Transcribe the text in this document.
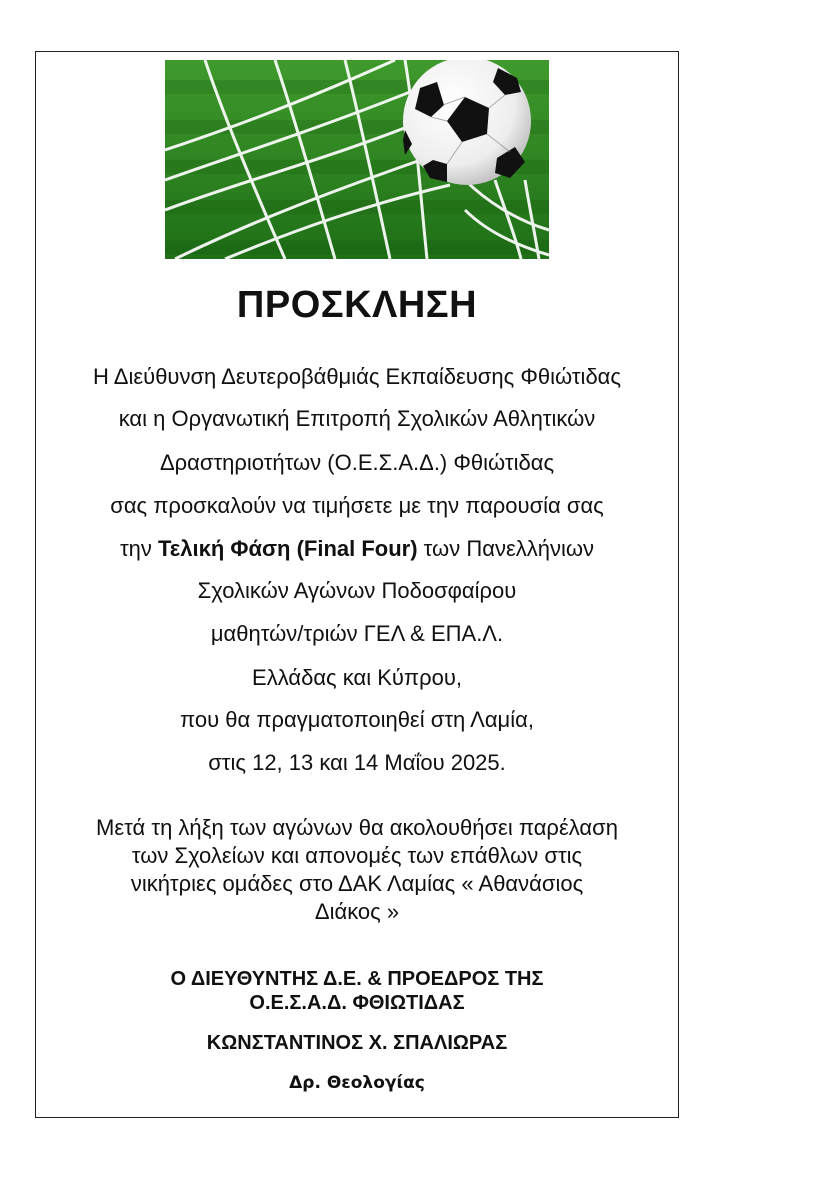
ΠΡΟΣΚΛΗΣΗ

Η Διεύθυνση Δευτεροβάθμιάς Εκπαίδευσης Φθιώτιδας

και η Οργανωτική Επιτροπή Σχολικών Αθλητικών

Δραστηριοτήτων (Ο.Ε.Σ.Α.Δ.) Φθιώτιδας

σας προσκαλούν να τιμήσετε με την παρουσία σας

την Τελική Φάση (Final Four) των Πανελλήνιων

Σχολικών Αγώνων Ποδοσφαίρου

μαθητών/τριών ΓΕΛ & ΕΠΑ.Λ.

Ελλάδας και Κύπρου,

που θα πραγματοποιηθεί στη Λαμία,

στις 12, 13 και 14 Μαΐου 2025.

Μετά τη λήξη των αγώνων θα ακολουθήσει παρέλαση

των Σχολείων και απονομές των επάθλων στις

νικήτριες ομάδες στο ΔΑΚ Λαμίας « Αθανάσιος

Διάκος »

Ο ΔΙΕΥΘΥΝΤΗΣ Δ.Ε. & ΠΡΟΕΔΡΟΣ ΤΗΣ

Ο.Ε.Σ.Α.Δ. ΦΘΙΩΤΙΔΑΣ

ΚΩΝΣΤΑΝΤΙΝΟΣ Χ. ΣΠΑΛΙΩΡΑΣ

Δρ. Θεολογίας
